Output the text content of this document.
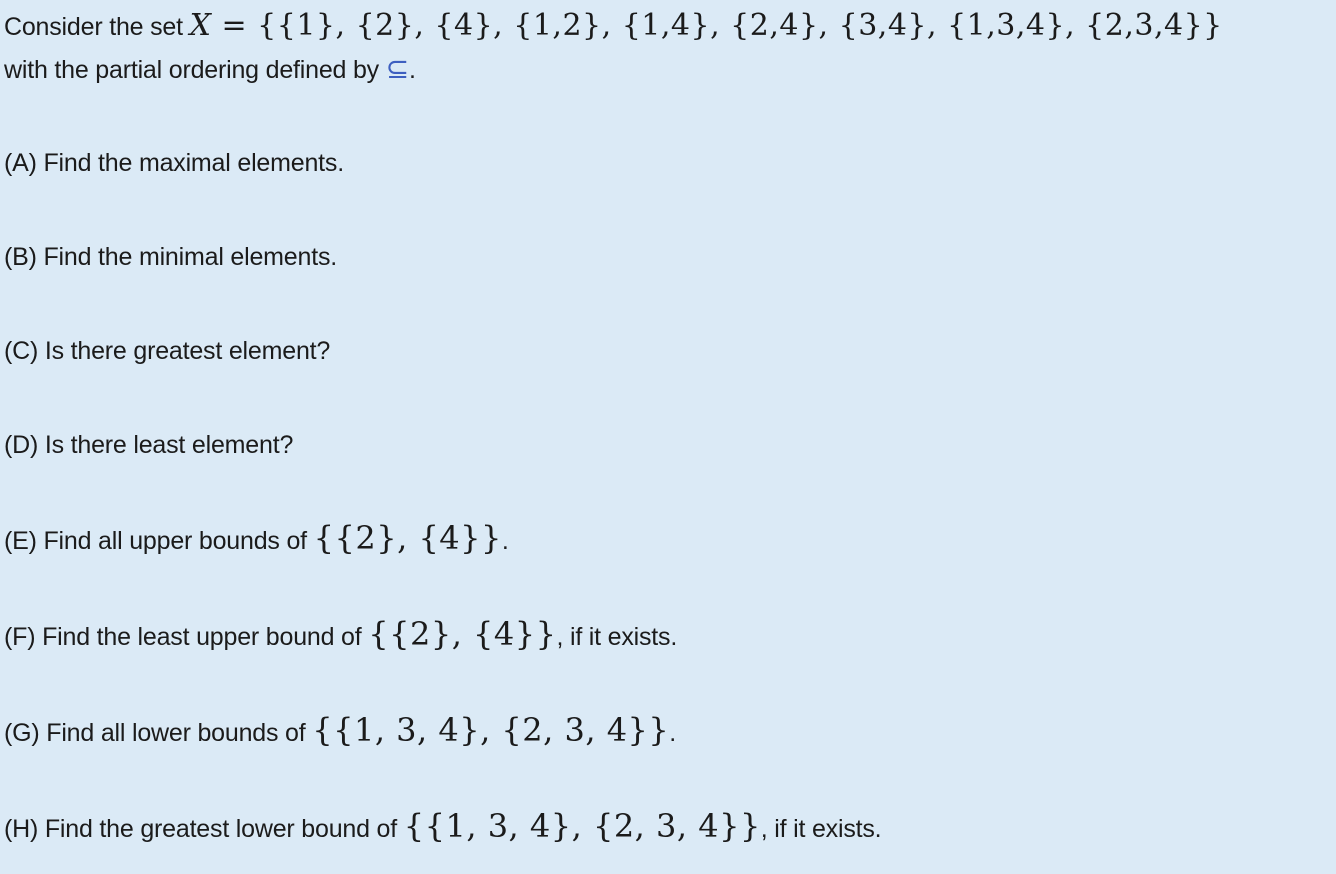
Consider the set X = {{1}, {2}, {4}, {1,2}, {1,4}, {2,4}, {3,4}, {1,3,4}, {2,3,4}}
with the partial ordering defined by ⊆.
(A) Find the maximal elements.
(B) Find the minimal elements.
(C) Is there greatest element?
(D) Is there least element?
(E) Find all upper bounds of {{2}, {4}}.
(F) Find the least upper bound of {{2}, {4}}, if it exists.
(G) Find all lower bounds of {{1, 3, 4}, {2, 3, 4}}.
(H) Find the greatest lower bound of {{1, 3, 4}, {2, 3, 4}}, if it exists.
